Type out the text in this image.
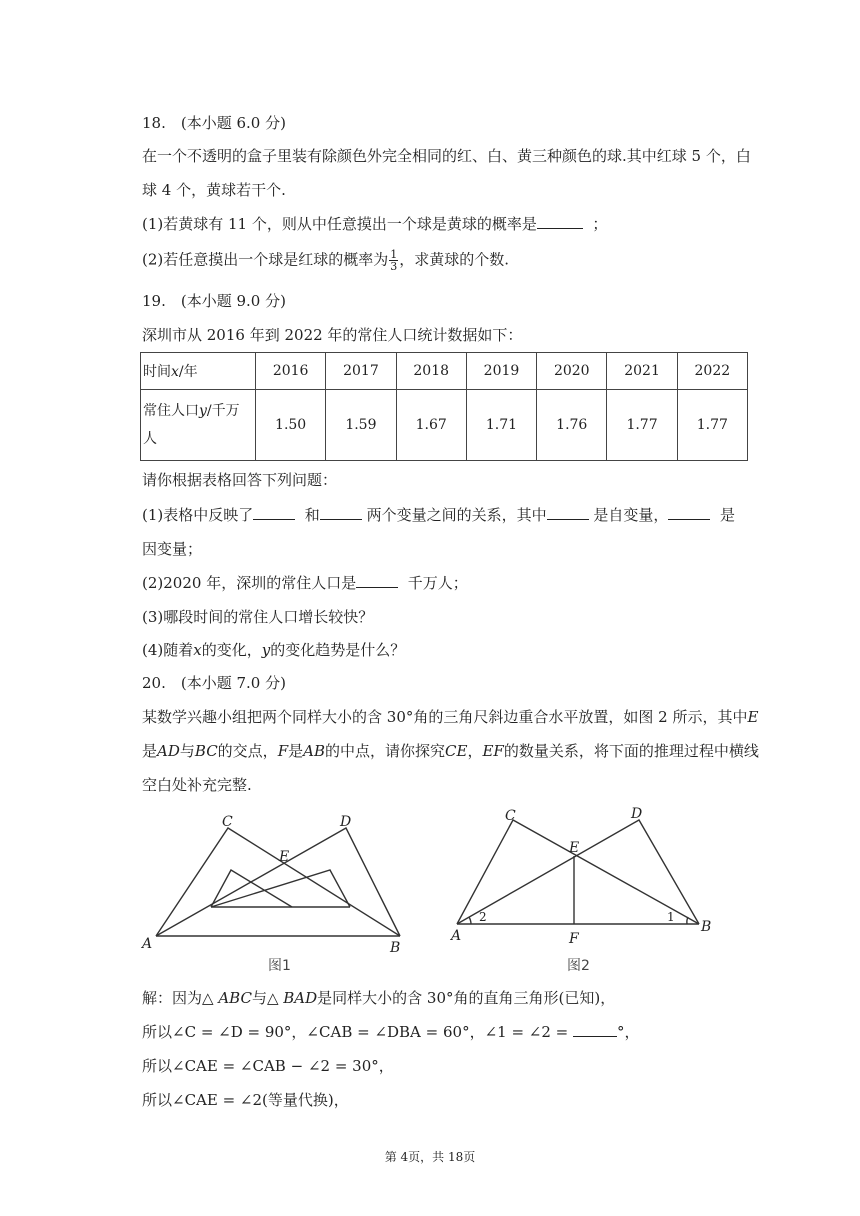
18.　(本小题 6.0 分)
在一个不透明的盒子里装有除颜色外完全相同的红、白、黄三种颜色的球.其中红球 5 个，白
球 4 个，黄球若干个.
(1)若黄球有 11 个，则从中任意摸出一个球是黄球的概率是	；
(2)若任意摸出一个球是红球的概率为 $\frac{1}{3}$ ，求黄球的个数.
19.　(本小题 9.0 分)
深圳市从 2016 年到 2022 年的常住人口统计数据如下：
时间x/年	2016	2017	2018	2019	2020	2021	2022
常住人口y/千万
人	1.50	1.59	1.67	1.71	1.76	1.77	1.77
请你根据表格回答下列问题：
(1)表格中反映了	和	两个变量之间的关系，其中	是自变量，	是
因变量；
(2)2020 年，深圳的常住人口是	千万人；
(3)哪段时间的常住人口增长较快？
(4)随着x的变化，y的变化趋势是什么？
20.　(本小题 7.0 分)
某数学兴趣小组把两个同样大小的含 30°角的三角尺斜边重合水平放置，如图 2 所示，其中E
是AD与BC的交点，F是AB的中点，请你探究CE，EF的数量关系，将下面的推理过程中横线
空白处补充完整.
C	D
E
A	B
图1
C	D
E
A
B
F
2	1
图2
解：因为△ ABC与△ BAD是同样大小的含 30°角的直角三角形(已知)，
所以∠C = ∠D = 90°，∠CAB = ∠DBA = 60°，∠1 = ∠2 =	°，
所以∠CAE = ∠CAB − ∠2 = 30°，
所以∠CAE = ∠2(等量代换)，
第 4页，共 18页
